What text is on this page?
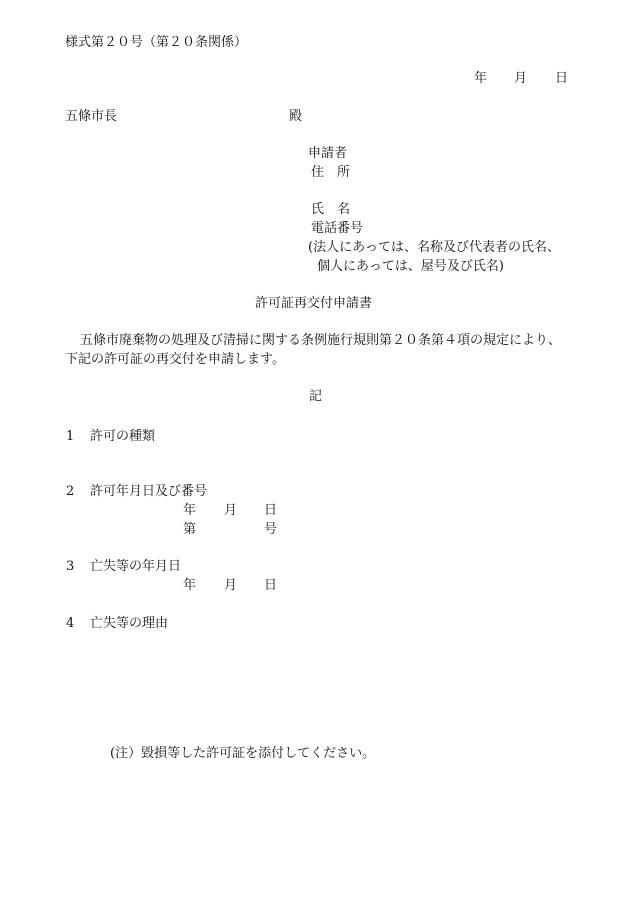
様式第２０号（第２０条関係）
年 月 日
五條市長	殿
申請者
住　所
氏　名
電話番号
(法人にあっては、名称及び代表者の氏名、
個人にあっては、屋号及び氏名)
許可証再交付申請書
五條市廃棄物の処理及び清掃に関する条例施行規則第２０条第４項の規定により、
下記の許可証の再交付を申請します。
記
1 許可の種類
2 許可年月日及び番号
年 月 日
第	号
3 亡失等の年月日
年 月 日
4 亡失等の理由
(注）毀損等した許可証を添付してください。
